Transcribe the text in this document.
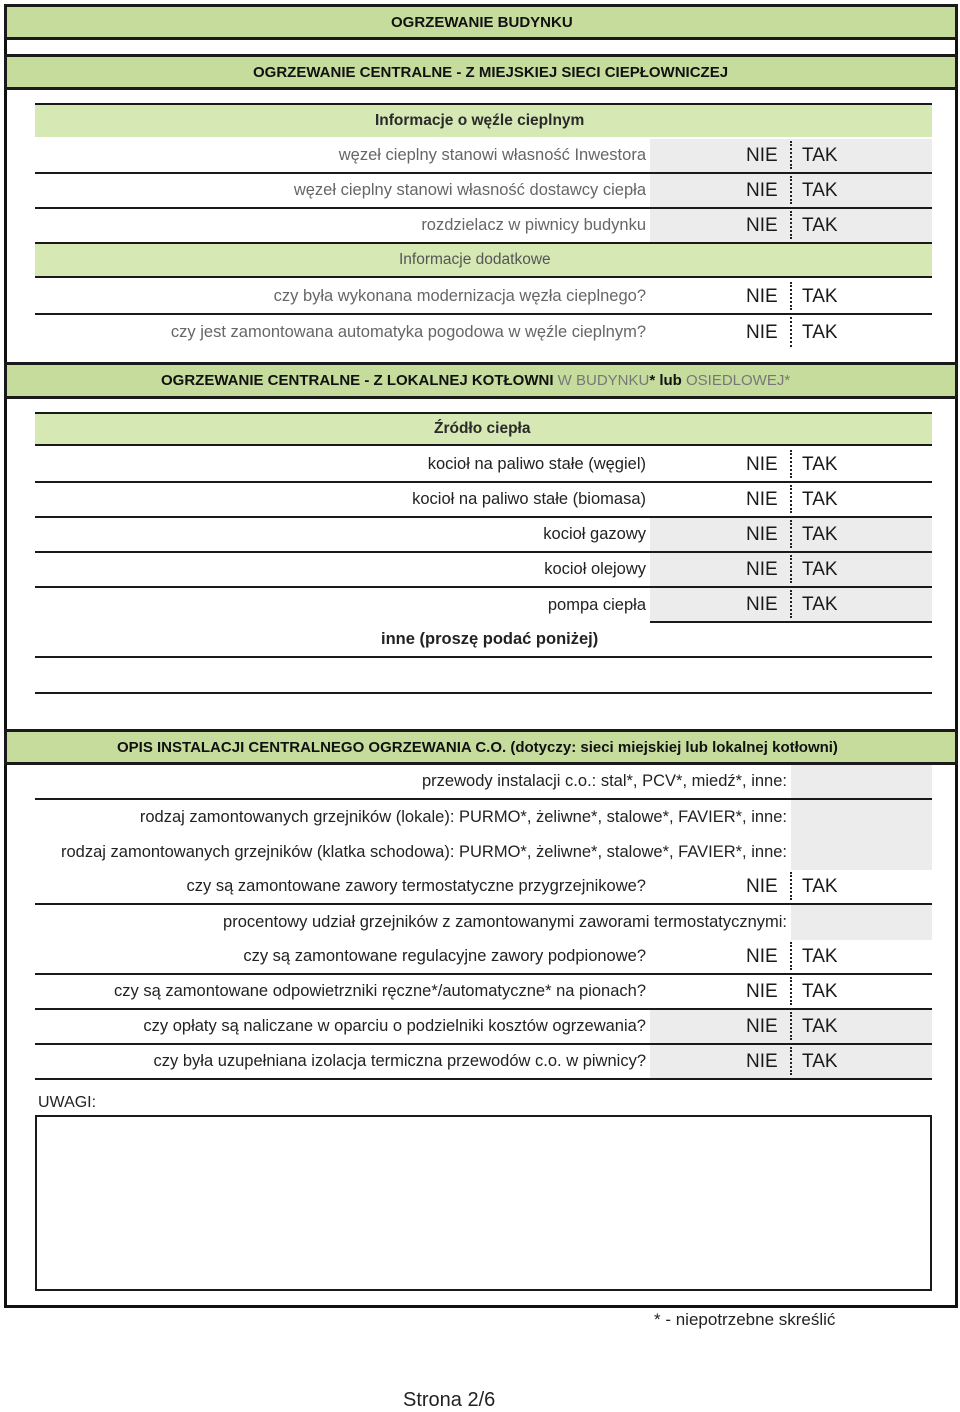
OGRZEWANIE BUDYNKU
OGRZEWANIE CENTRALNE - Z MIEJSKIEJ SIECI CIEPŁOWNICZEJ
Informacje o węźle cieplnym
węzeł cieplny stanowi własność Inwestora	NIE TAK
węzeł cieplny stanowi własność dostawcy ciepła	NIE TAK
rozdzielacz w piwnicy budynku	NIE TAK
Informacje dodatkowe
czy była wykonana modernizacja węzła cieplnego?	NIE TAK
czy jest zamontowana automatyka pogodowa w węźle cieplnym?	NIE TAK
OGRZEWANIE CENTRALNE - Z LOKALNEJ KOTŁOWNI W BUDYNKU* lub OSIEDLOWEJ*
Źródło ciepła
kocioł na paliwo stałe (węgiel)	NIE TAK
kocioł na paliwo stałe (biomasa)	NIE TAK
kocioł gazowy	NIE TAK
kocioł olejowy	NIE TAK
pompa ciepła	NIE TAK
inne (proszę podać poniżej)
OPIS INSTALACJI CENTRALNEGO OGRZEWANIA C.O. (dotyczy: sieci miejskiej lub lokalnej kotłowni)
przewody instalacji c.o.: stal*, PCV*, miedź*, inne:
rodzaj zamontowanych grzejników (lokale): PURMO*, żeliwne*, stalowe*, FAVIER*, inne:
rodzaj zamontowanych grzejników (klatka schodowa): PURMO*, żeliwne*, stalowe*, FAVIER*, inne:
czy są zamontowane zawory termostatyczne przygrzejnikowe?	NIE TAK
procentowy udział grzejników z zamontowanymi zaworami termostatycznymi:
czy są zamontowane regulacyjne zawory podpionowe?	NIE TAK
czy są zamontowane odpowietrzniki ręczne*/automatyczne* na pionach?	NIE TAK
czy opłaty są naliczane w oparciu o podzielniki kosztów ogrzewania?	NIE TAK
czy była uzupełniana izolacja termiczna przewodów c.o. w piwnicy?	NIE TAK
UWAGI:
* - niepotrzebne skreślić
Strona 2/6
